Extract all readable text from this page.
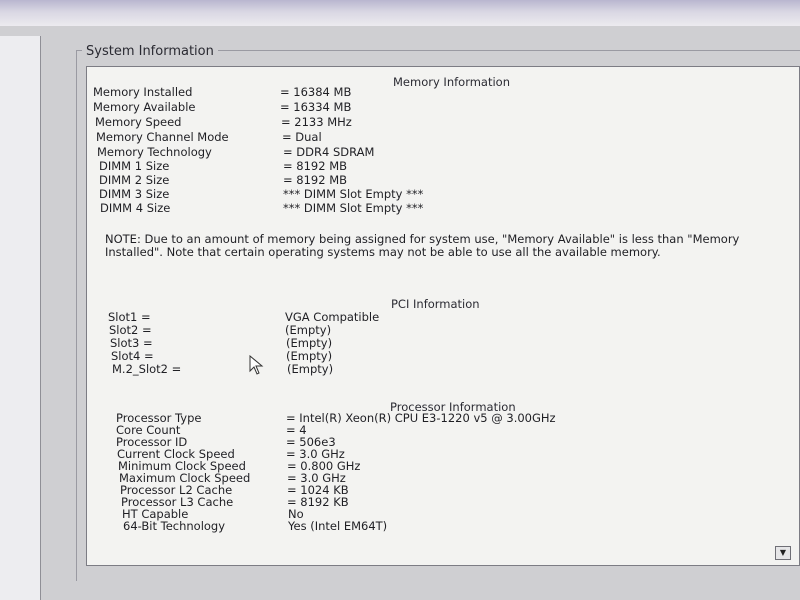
System Information
Memory Information
Memory Installed	= 16384 MB
Memory Available	= 16334 MB
Memory Speed	= 2133 MHz
Memory Channel Mode	= Dual
Memory Technology	= DDR4 SDRAM
DIMM 1 Size	= 8192 MB
DIMM 2 Size	= 8192 MB
DIMM 3 Size	*** DIMM Slot Empty ***
DIMM 4 Size	*** DIMM Slot Empty ***
NOTE: Due to an amount of memory being assigned for system use, "Memory Available" is less than "Memory Installed". Note that certain operating systems may not be able to use all the available memory.
PCI Information
Slot1 =	VGA Compatible
Slot2 =	(Empty)
Slot3 =	(Empty)
Slot4 =	(Empty)
M.2_Slot2 =	(Empty)
Processor Information
Processor Type	= Intel(R) Xeon(R) CPU E3-1220 v5 @ 3.00GHz
Core Count	= 4
Processor ID	= 506e3
Current Clock Speed	= 3.0 GHz
Minimum Clock Speed	= 0.800 GHz
Maximum Clock Speed	= 3.0 GHz
Processor L2 Cache	= 1024 KB
Processor L3 Cache	= 8192 KB
HT Capable	No
64-Bit Technology	Yes (Intel EM64T)
▼
